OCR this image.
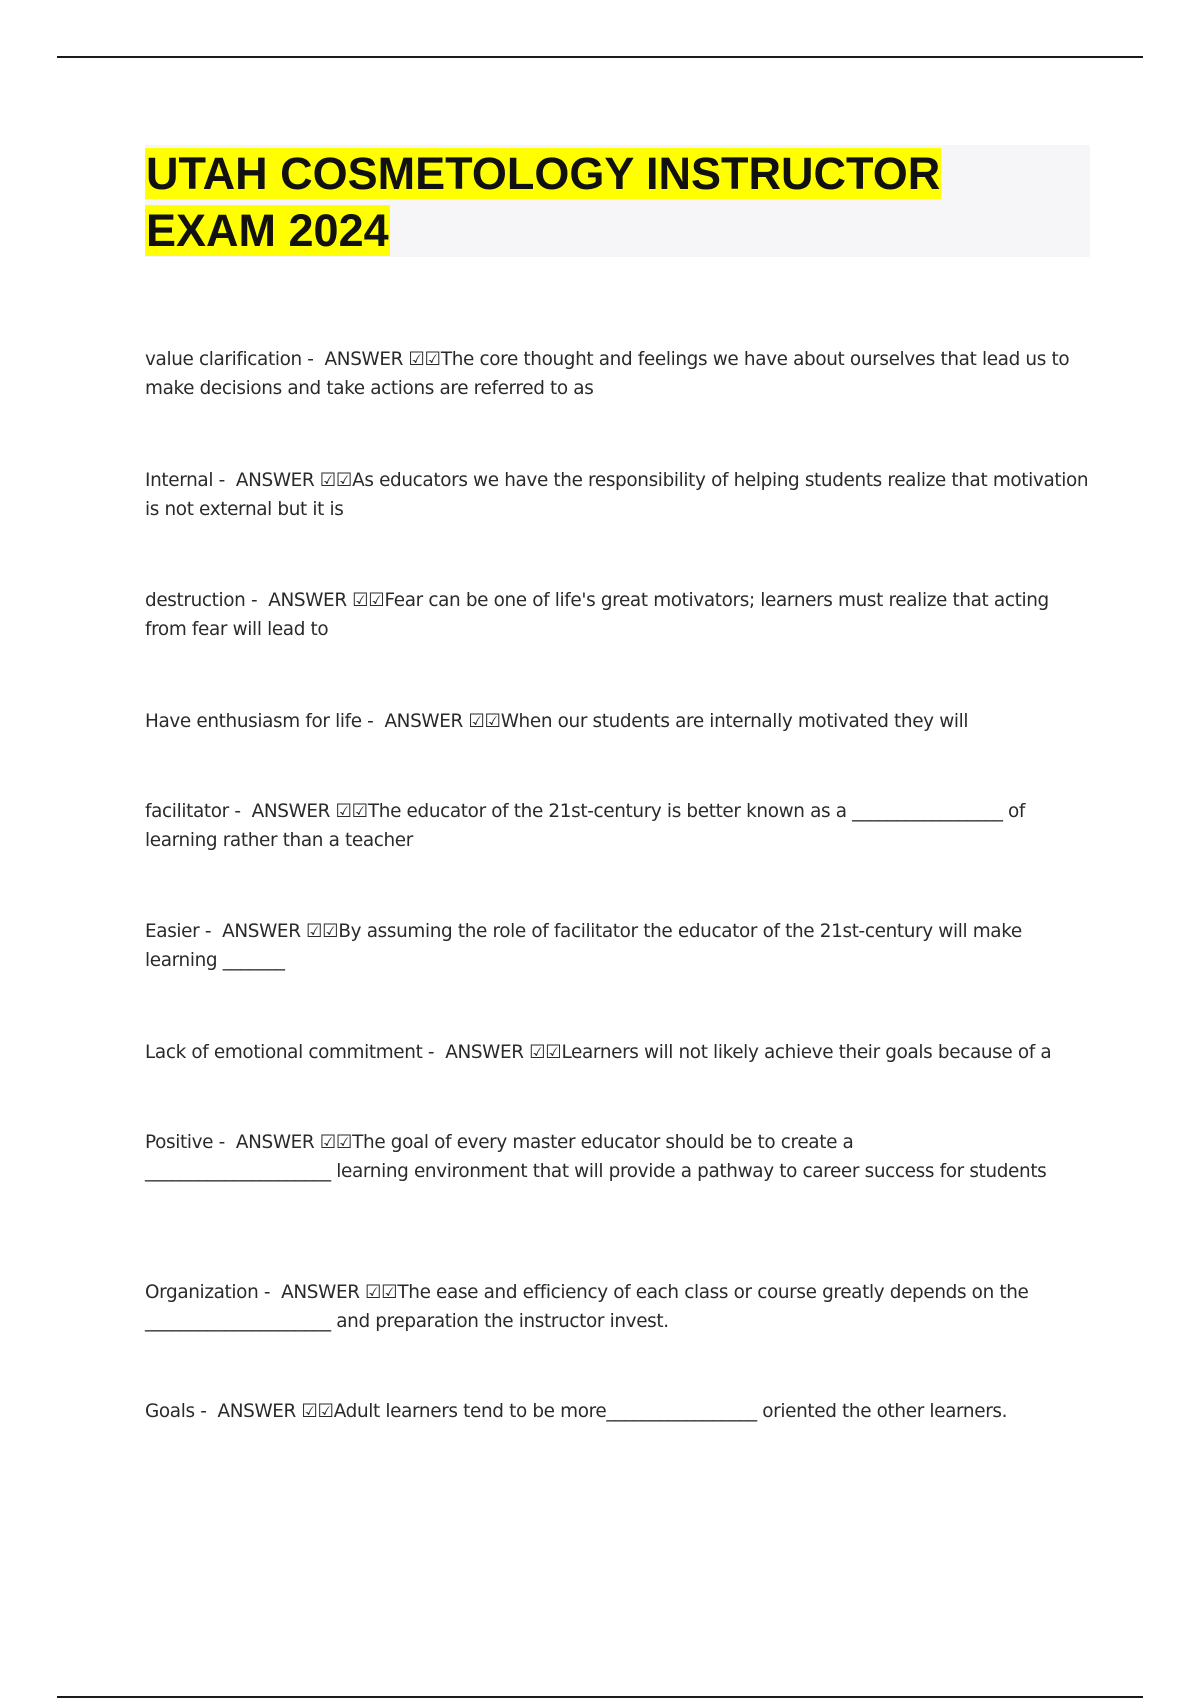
UTAH COSMETOLOGY INSTRUCTOR
EXAM 2024
value clarification -  ANSWER ☑☑The core thought and feelings we have about ourselves that lead us to make decisions and take actions are referred to as
Internal -  ANSWER ☑☑As educators we have the responsibility of helping students realize that motivation is not external but it is
destruction -  ANSWER ☑☑Fear can be one of life's great motivators; learners must realize that acting from fear will lead to
Have enthusiasm for life -  ANSWER ☑☑When our students are internally motivated they will
facilitator -  ANSWER ☑☑The educator of the 21st-century is better known as a _________________ of learning rather than a teacher
Easier -  ANSWER ☑☑By assuming the role of facilitator the educator of the 21st-century will make learning _______
Lack of emotional commitment -  ANSWER ☑☑Learners will not likely achieve their goals because of a
Positive -  ANSWER ☑☑The goal of every master educator should be to create a
_____________________ learning environment that will provide a pathway to career success for students
Organization -  ANSWER ☑☑The ease and efficiency of each class or course greatly depends on the
_____________________ and preparation the instructor invest.
Goals -  ANSWER ☑☑Adult learners tend to be more_________________ oriented the other learners.
